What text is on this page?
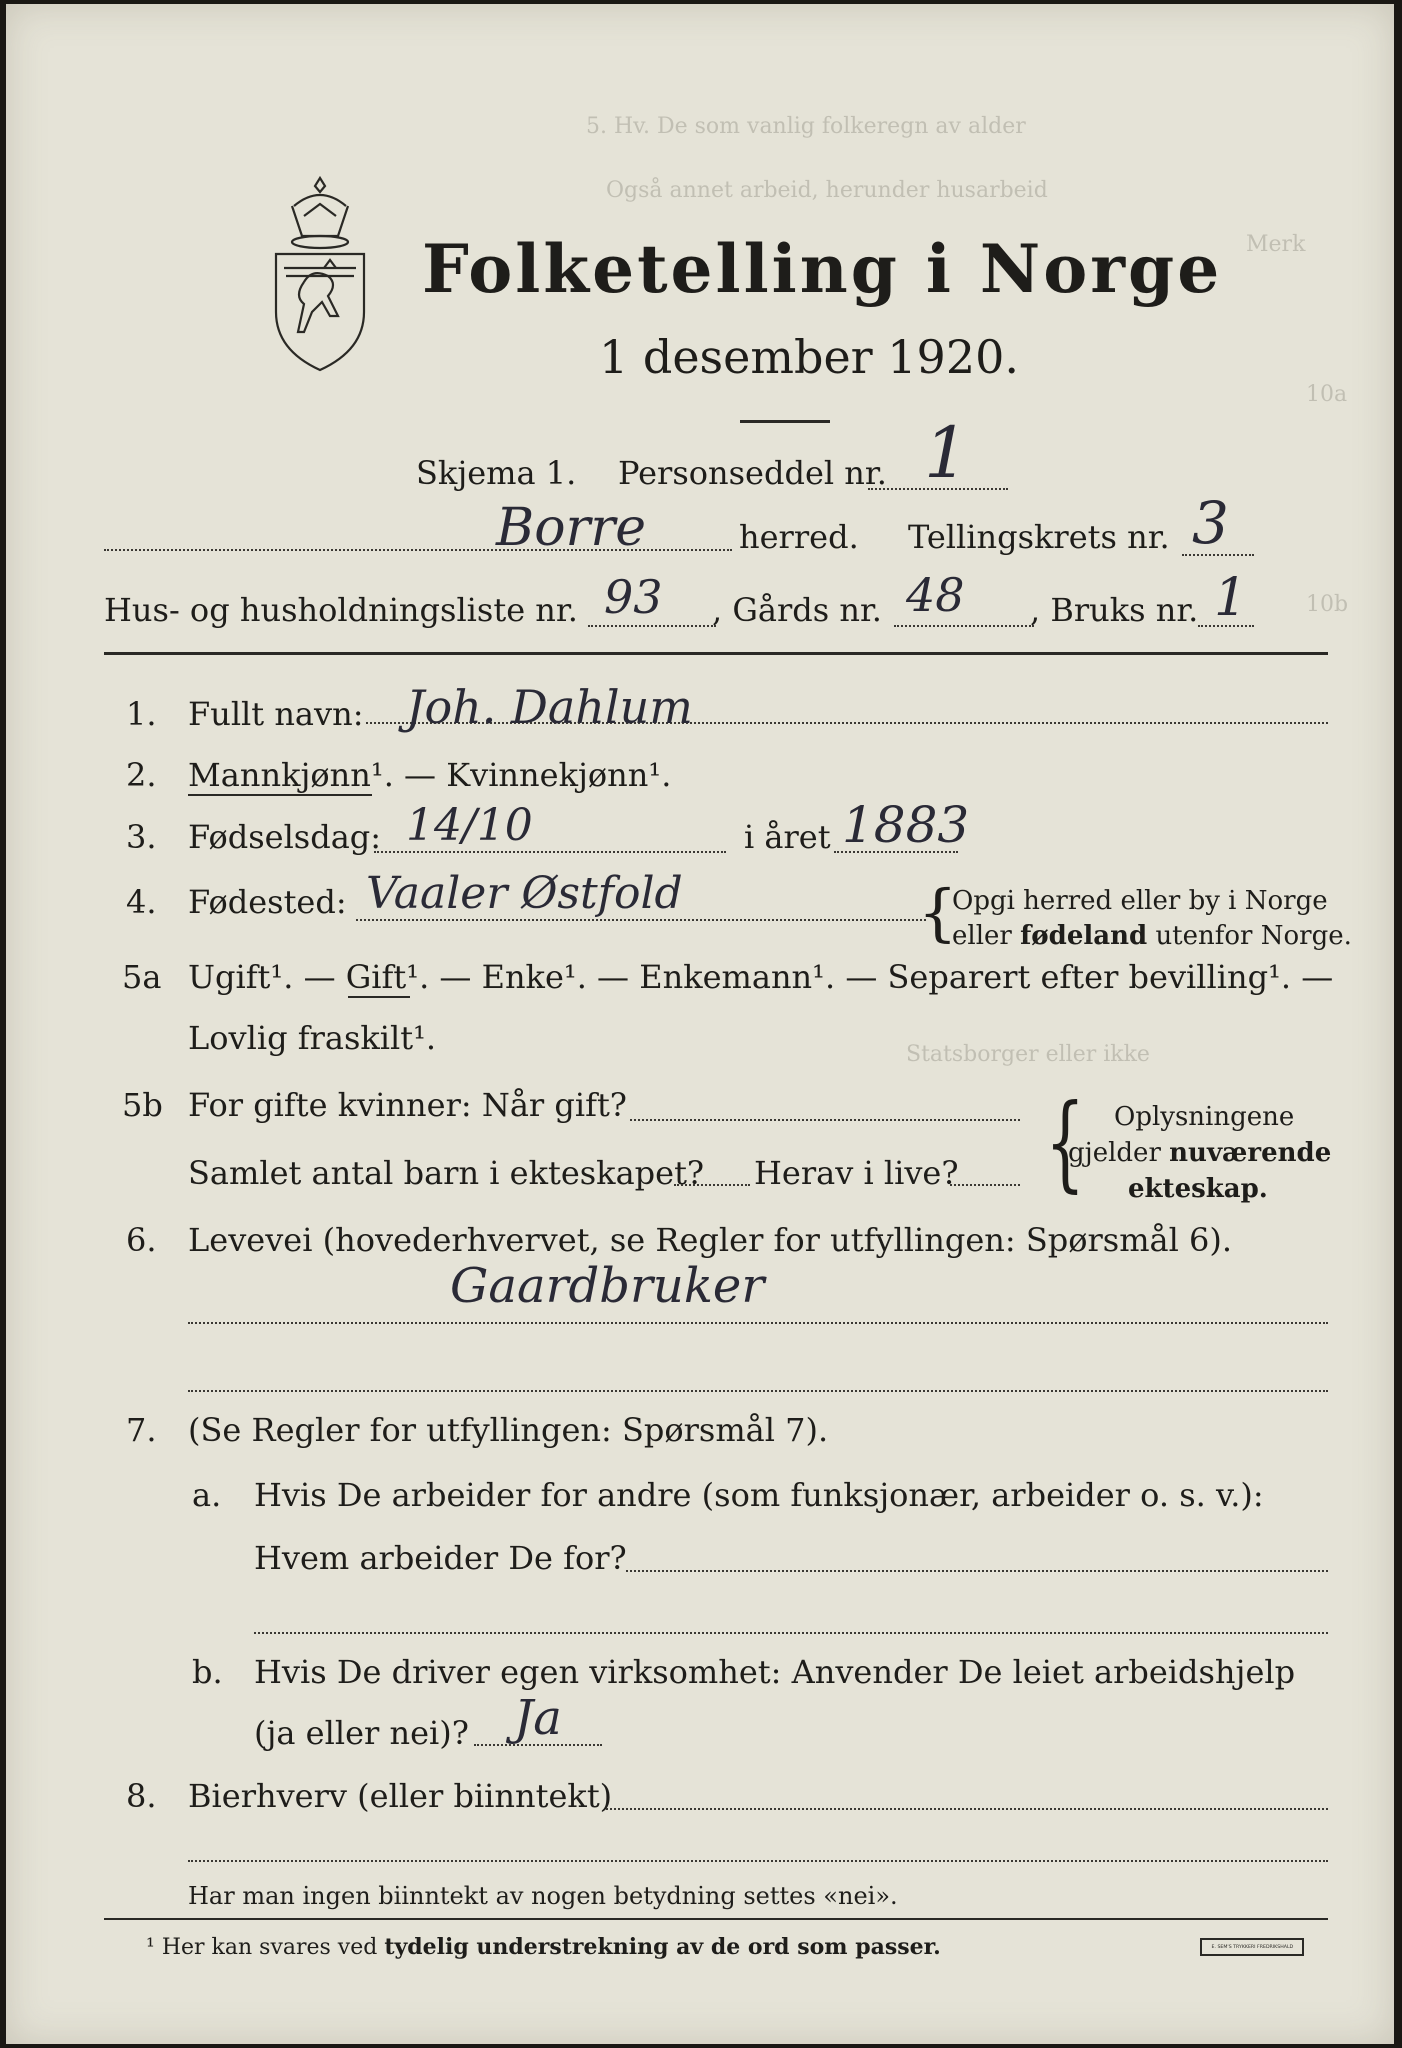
5. Hv. De som vanlig folkeregn av alder
Også annet arbeid, herunder husarbeid
Merk
10a
10b
Statsborger eller ikke
Folketelling i Norge
1 desember 1920.
Skjema 1. Personseddel nr. 1
Borre	herred. Tellingskrets nr. 3
Hus- og husholdningsliste nr. 93 , Gårds nr. 48 , Bruks nr. 1
1. Fullt navn: Joh. Dahlum
2. Mannkjønn¹. — Kvinnekjønn¹.
3. Fødselsdag: 14/10	i året 1883
4. Fødested: Vaaler Østfold	{
Opgi herred eller by i Norge
eller fødeland utenfor Norge.
5a Ugift¹. — Gift¹. — Enke¹. — Enkemann¹. — Separert efter bevilling¹. —
Lovlig fraskilt¹.
5b For gifte kvinner: Når gift?
Samlet antal barn i ekteskapet? Herav i live? { Oplysningene
gjelder nuværende
ekteskap.
6. Levevei (hovederhvervet, se Regler for utfyllingen: Spørsmål 6).
Gaardbruker
7. (Se Regler for utfyllingen: Spørsmål 7).
a. Hvis De arbeider for andre (som funksjonær, arbeider o. s. v.):
Hvem arbeider De for?
b. Hvis De driver egen virksomhet: Anvender De leiet arbeidshjelp
(ja eller nei)? Ja
8. Bierhverv (eller biinntekt)
Har man ingen biinntekt av nogen betydning settes «nei».
¹ Her kan svares ved tydelig understrekning av de ord som passer.	E. SEM'S TRYKKERI FREDRIKSHALD
